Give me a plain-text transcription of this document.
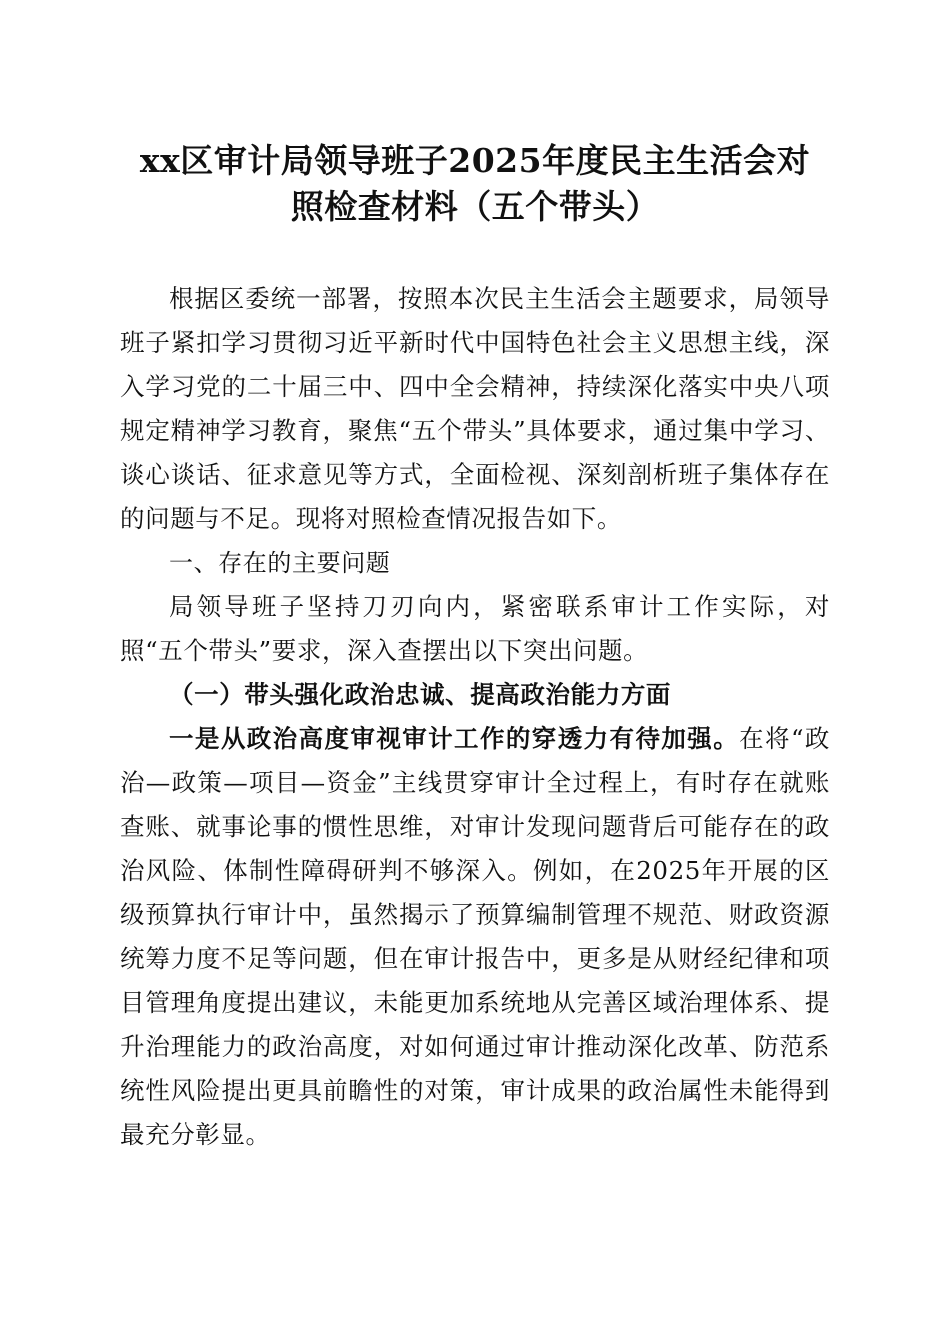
xx区审计局领导班子2025年度民主生活会对
照检查材料（五个带头）

根据区委统一部署，按照本次民主生活会主题要求，局领导班子紧扣学习贯彻习近平新时代中国特色社会主义思想主线，深入学习党的二十届三中、四中全会精神，持续深化落实中央八项规定精神学习教育，聚焦“五个带头”具体要求，通过集中学习、谈心谈话、征求意见等方式，全面检视、深刻剖析班子集体存在的问题与不足。现将对照检查情况报告如下。

一、存在的主要问题

局领导班子坚持刀刃向内，紧密联系审计工作实际，对照“五个带头”要求，深入查摆出以下突出问题。

（一）带头强化政治忠诚、提高政治能力方面

一是从政治高度审视审计工作的穿透力有待加强。在将“政治—政策—项目—资金”主线贯穿审计全过程上，有时存在就账查账、就事论事的惯性思维，对审计发现问题背后可能存在的政治风险、体制性障碍研判不够深入。例如，在2025年开展的区级预算执行审计中，虽然揭示了预算编制管理不规范、财政资源统筹力度不足等问题，但在审计报告中，更多是从财经纪律和项目管理角度提出建议，未能更加系统地从完善区域治理体系、提升治理能力的政治高度，对如何通过审计推动深化改革、防范系统性风险提出更具前瞻性的对策，审计成果的政治属性未能得到最充分彰显。
